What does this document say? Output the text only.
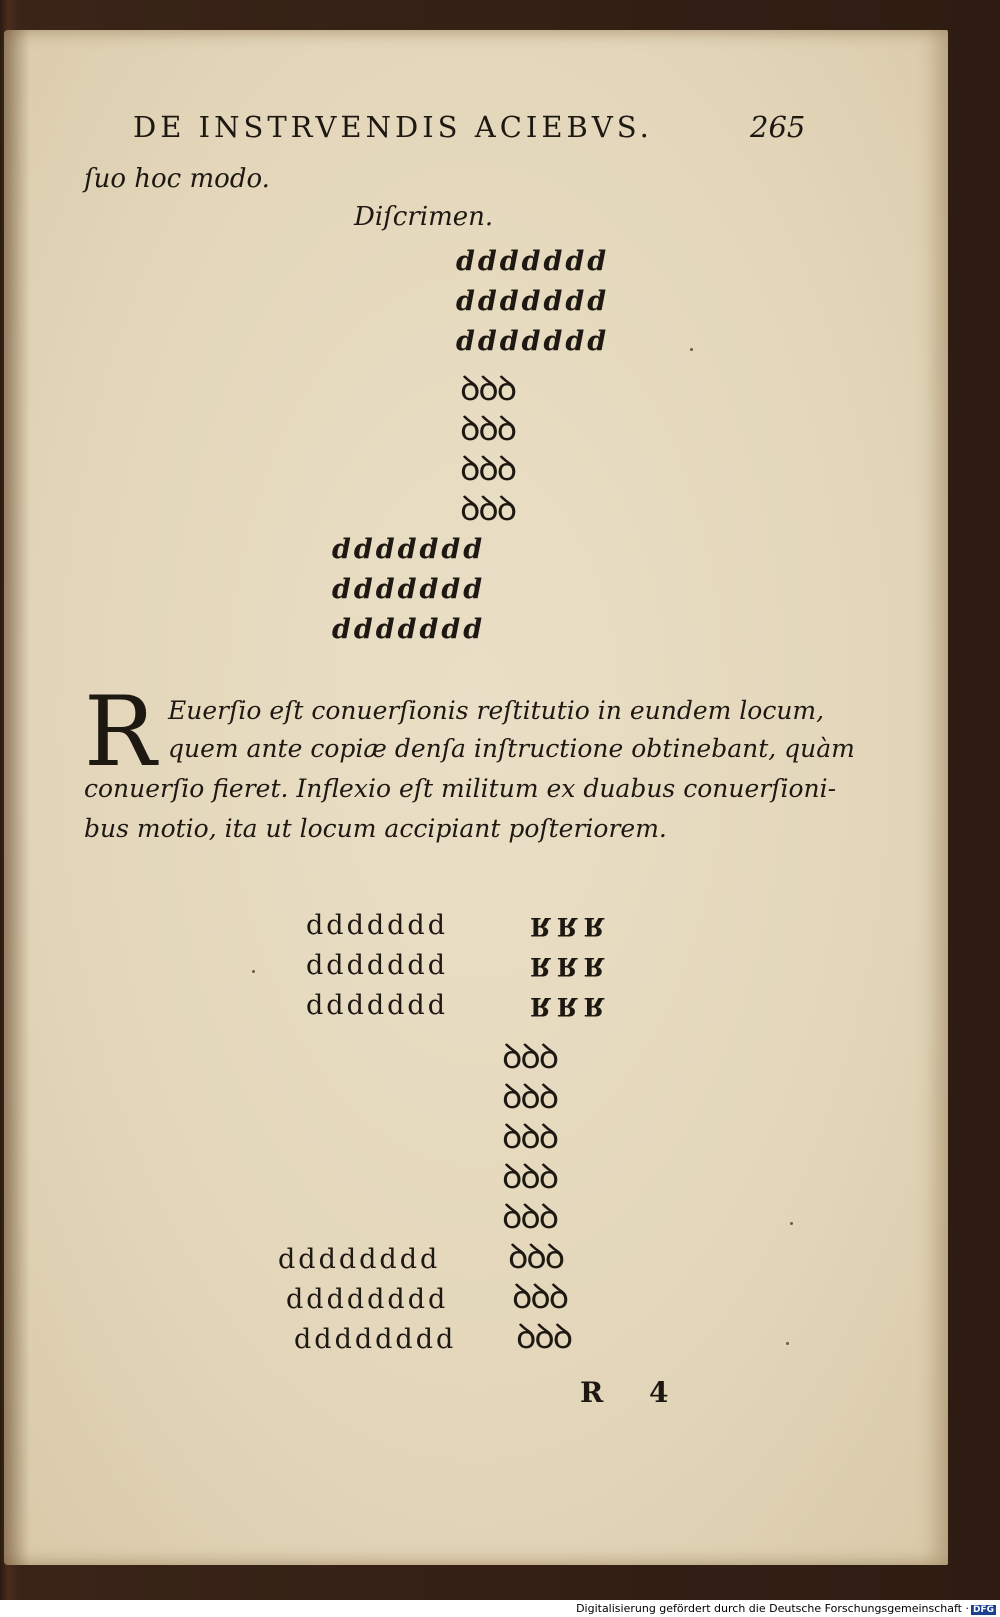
DE INSTRVENDIS ACIEBVS.	265
ſuo hoc modo.
Diſcrimen.
ddddddd
ddddddd
ddddddd
ꝺꝺꝺ
ꝺꝺꝺ
ꝺꝺꝺ
ꝺꝺꝺ
ddddddd
ddddddd
ddddddd
R Euerſio eſt conuerſionis reſtitutio in eundem locum,
quem ante copiæ denſa inſtructione obtinebant, quàm
conuerſio fieret. Inflexio eſt militum ex duabus conuerſioni-
bus motio, ita ut locum accipiant poſteriorem.
ddddddd	RRR
ddddddd	RRR
ddddddd	RRR
ꝺꝺꝺ
ꝺꝺꝺ
ꝺꝺꝺ
ꝺꝺꝺ
ꝺꝺꝺ
dddddddd ꝺꝺꝺ
dddddddd ꝺꝺꝺ
dddddddd ꝺꝺꝺ
R 4
Digitalisierung gefördert durch die Deutsche Forschungsgemeinschaft · DFG
